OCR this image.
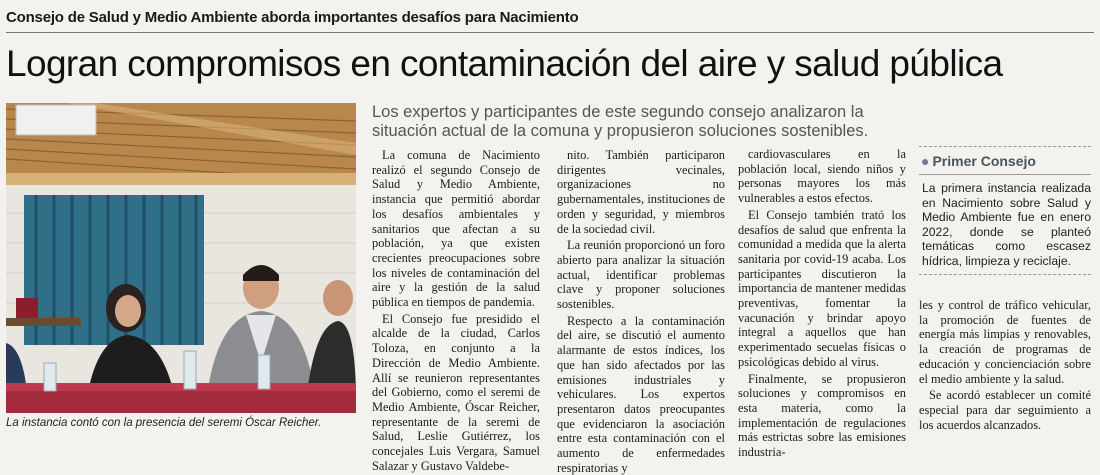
Consejo de Salud y Medio Ambiente aborda importantes desafíos para Nacimiento
Logran compromisos en contaminación del aire y salud pública
La instancia contó con la presencia del seremi Óscar Reicher.
Los expertos y participantes de este segundo consejo analizaron la situación actual de la comuna y propusieron soluciones sostenibles.

La comuna de Nacimiento realizó el segundo Consejo de Salud y Medio Ambiente, instancia que permitió abordar los desafíos ambientales y sanitarios que afectan a su población, ya que existen crecientes preocupaciones sobre los niveles de contaminación del aire y la gestión de la salud pública en tiempos de pandemia.

El Consejo fue presidido el alcalde de la ciudad, Carlos Toloza, en conjunto a la Dirección de Medio Ambiente. Allí se reunieron representantes del Gobierno, como el seremi de Medio Ambiente, Óscar Reicher, representante de la seremi de Salud, Leslie Gutiérrez, los concejales Luis Vergara, Samuel Salazar y Gustavo Valdebe-

nito. También participaron dirigentes vecinales, organizaciones no gubernamentales, instituciones de orden y seguridad, y miembros de la sociedad civil.

La reunión proporcionó un foro abierto para analizar la situación actual, identificar problemas clave y proponer soluciones sostenibles.

Respecto a la contaminación del aire, se discutió el aumento alarmante de estos índices, los que han sido afectados por las emisiones industriales y vehiculares. Los expertos presentaron datos preocupantes que evidenciaron la asociación entre esta contaminación con el aumento de enfermedades respiratorias y

cardiovasculares en la población local, siendo niños y personas mayores los más vulnerables a estos efectos.

El Consejo también trató los desafíos de salud que enfrenta la comunidad a medida que la alerta sanitaria por covid-19 acaba. Los participantes discutieron la importancia de mantener medidas preventivas, fomentar la vacunación y brindar apoyo integral a aquellos que han experimentado secuelas físicas o psicológicas debido al virus.

Finalmente, se propusieron soluciones y compromisos en esta materia, como la implementación de regulaciones más estrictas sobre las emisiones industria-

● Primer Consejo
La primera instancia realizada en Nacimiento sobre Salud y Medio Ambiente fue en enero 2022, donde se planteó temáticas como escasez hídrica, limpieza y reciclaje.

les y control de tráfico vehicular, la promoción de fuentes de energía más limpias y renovables, la creación de programas de educación y concienciación sobre el medio ambiente y la salud.

Se acordó establecer un comité especial para dar seguimiento a los acuerdos alcanzados.
